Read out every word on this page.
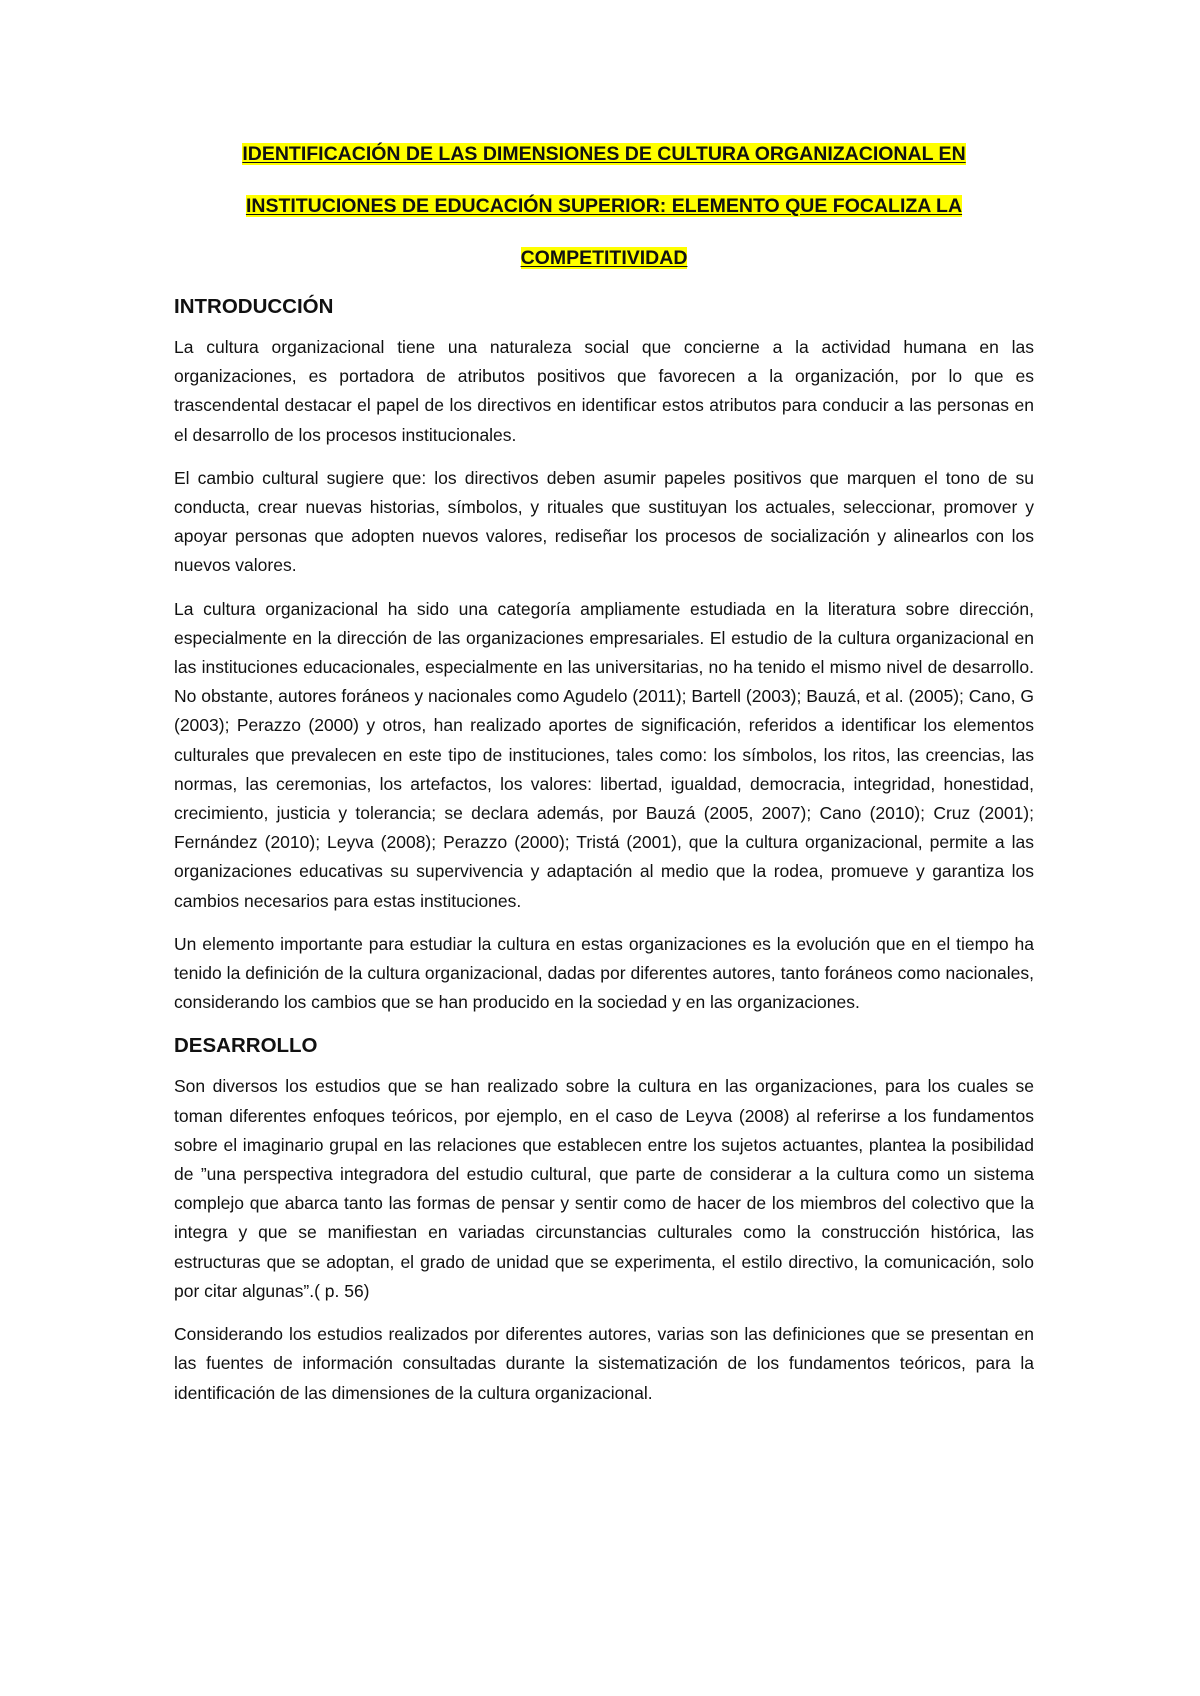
IDENTIFICACIÓN DE LAS DIMENSIONES DE CULTURA ORGANIZACIONAL EN

INSTITUCIONES DE EDUCACIÓN SUPERIOR: ELEMENTO QUE FOCALIZA LA

COMPETITIVIDAD

INTRODUCCIÓN

La cultura organizacional tiene una naturaleza social que concierne a la actividad humana en las organizaciones, es portadora de atributos positivos que favorecen a la organización, por lo que es trascendental destacar el papel de los directivos en identificar estos atributos para conducir a las personas en el desarrollo de los procesos institucionales.

El cambio cultural sugiere que: los directivos deben asumir papeles positivos que marquen el tono de su conducta, crear nuevas historias, símbolos, y rituales que sustituyan los actuales, seleccionar, promover y apoyar personas que adopten nuevos valores, rediseñar los procesos de socialización y alinearlos con los nuevos valores.

La cultura organizacional ha sido una categoría ampliamente estudiada en la literatura sobre dirección, especialmente en la dirección de las organizaciones empresariales. El estudio de la cultura organizacional en las instituciones educacionales, especialmente en las universitarias, no ha tenido el mismo nivel de desarrollo. No obstante, autores foráneos y nacionales como Agudelo (2011); Bartell (2003); Bauzá, et al. (2005); Cano, G (2003); Perazzo (2000) y otros, han realizado aportes de significación, referidos a identificar los elementos culturales que prevalecen en este tipo de instituciones, tales como: los símbolos, los ritos, las creencias, las normas, las ceremonias, los artefactos, los valores: libertad, igualdad, democracia, integridad, honestidad, crecimiento, justicia y tolerancia; se declara además, por Bauzá (2005, 2007); Cano (2010); Cruz (2001); Fernández (2010); Leyva (2008); Perazzo (2000); Tristá (2001), que la cultura organizacional, permite a las organizaciones educativas su supervivencia y adaptación al medio que la rodea, promueve y garantiza los cambios necesarios para estas instituciones.

Un elemento importante para estudiar la cultura en estas organizaciones es la evolución que en el tiempo ha tenido la definición de la cultura organizacional, dadas por diferentes autores, tanto foráneos como nacionales, considerando los cambios que se han producido en la sociedad y en las organizaciones.

DESARROLLO

Son diversos los estudios que se han realizado sobre la cultura en las organizaciones, para los cuales se toman diferentes enfoques teóricos, por ejemplo, en el caso de Leyva (2008) al referirse a los fundamentos sobre el imaginario grupal en las relaciones que establecen entre los sujetos actuantes, plantea la posibilidad de ”una perspectiva integradora del estudio cultural, que parte de considerar a la cultura como un sistema complejo que abarca tanto las formas de pensar y sentir como de hacer de los miembros del colectivo que la integra y que se manifiestan en variadas circunstancias culturales como la construcción histórica, las estructuras que se adoptan, el grado de unidad que se experimenta, el estilo directivo, la comunicación, solo por citar algunas”.( p. 56)

Considerando los estudios realizados por diferentes autores, varias son las definiciones que se presentan en las fuentes de información consultadas durante la sistematización de los fundamentos teóricos, para la identificación de las dimensiones de la cultura organizacional.
